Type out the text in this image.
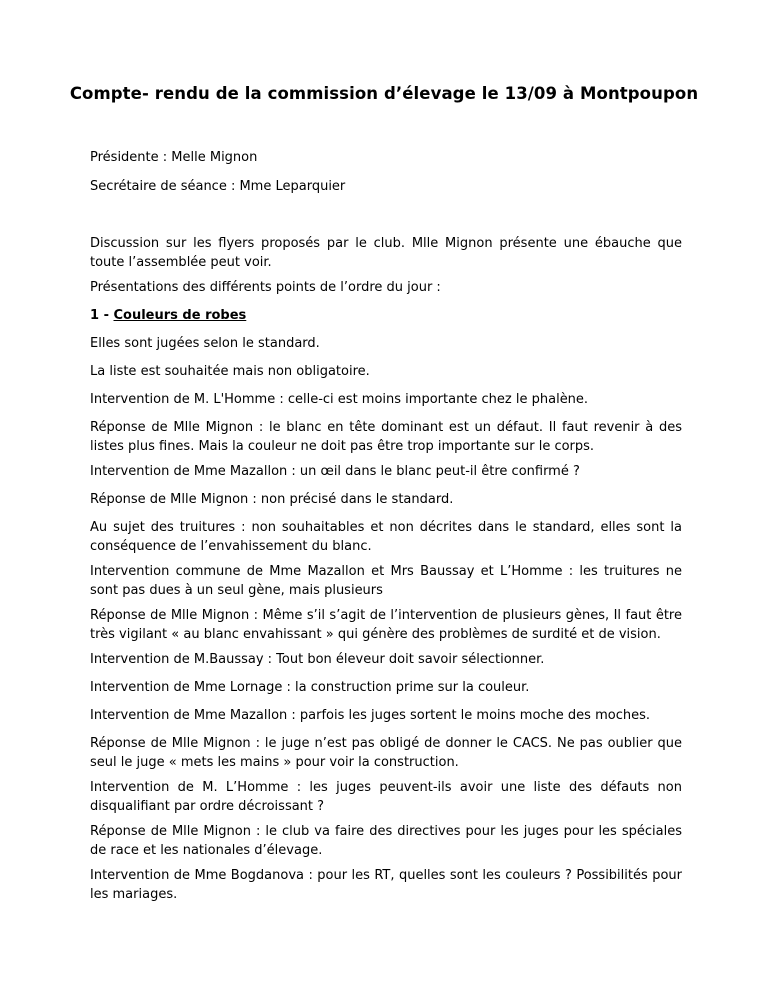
Compte- rendu de la commission d’élevage le 13/09 à Montpoupon
Présidente : Melle Mignon
Secrétaire de séance : Mme Leparquier
Discussion sur les flyers proposés par le club. Mlle Mignon présente une ébauche que toute l’assemblée peut voir.
Présentations des différents points de l’ordre du jour :
1 - Couleurs de robes
Elles sont jugées selon le standard.
La liste est souhaitée mais non obligatoire.
Intervention de M. L'Homme : celle-ci est moins importante chez le phalène.
Réponse de Mlle Mignon : le blanc en tête dominant est un défaut. Il faut revenir à des listes plus fines. Mais la couleur ne doit pas être trop importante sur le corps.
Intervention de Mme Mazallon : un œil dans le blanc peut-il être confirmé ?
Réponse de Mlle Mignon : non précisé dans le standard.
Au sujet des truitures : non souhaitables et non décrites dans le standard, elles sont la conséquence de l’envahissement du blanc.
Intervention commune de Mme Mazallon et Mrs Baussay et L’Homme : les truitures ne sont pas dues à un seul gène, mais plusieurs
Réponse de Mlle Mignon : Même s’il s’agit de l’intervention de plusieurs gènes, Il faut être très vigilant « au blanc envahissant » qui génère des problèmes de surdité et de vision.
Intervention de M.Baussay : Tout bon éleveur doit savoir sélectionner.
Intervention de Mme Lornage : la construction prime sur la couleur.
Intervention de Mme Mazallon : parfois les juges sortent le moins moche des moches.
Réponse de Mlle Mignon : le juge n’est pas obligé de donner le CACS. Ne pas oublier que seul le juge « mets les mains » pour voir la construction.
Intervention de M. L’Homme : les juges peuvent-ils avoir une liste des défauts non disqualifiant par ordre décroissant ?
Réponse de Mlle Mignon : le club va faire des directives pour les juges pour les spéciales de race et les nationales d’élevage.
Intervention de Mme Bogdanova : pour les RT, quelles sont les couleurs ? Possibilités pour les mariages.
